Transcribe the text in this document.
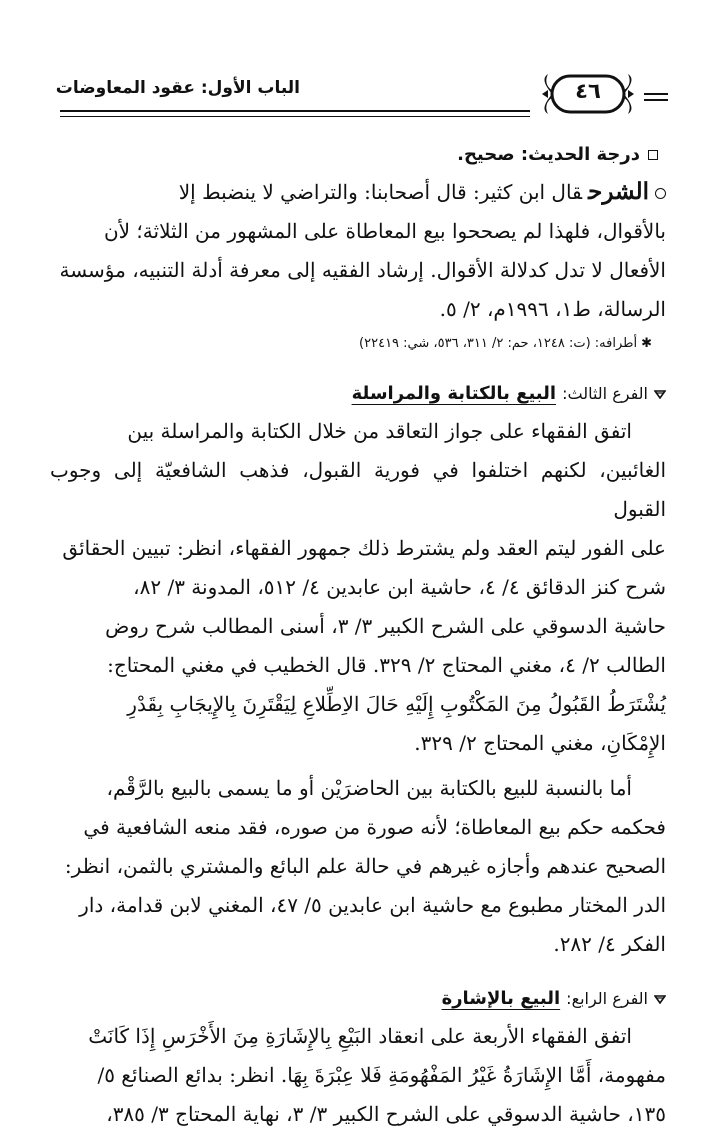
الباب الأول: عقود المعاوضات	٤٦

درجة الحديث: صحيح.

الشرحقال ابن كثير: قال أصحابنا: والتراضي لا ينضبط إلا

بالأقوال، فلهذا لم يصححوا بيع المعاطاة على المشهور من الثلاثة؛ لأن

الأفعال لا تدل كدلالة الأقوال. إرشاد الفقيه إلى معرفة أدلة التنبيه، مؤسسة

الرسالة، ط١، ١٩٩٦م، ٢/ ٥.

✱أطرافه: (ت: ١٢٤٨، حم: ٢/ ٣١١، ٥٣٦، شي: ٢٢٤١٩)

الفرع الثالث: البيع بالكتابة والمراسلة

اتفق الفقهاء على جواز التعاقد من خلال الكتابة والمراسلة بين

الغائبين، لكنهم اختلفوا في فورية القبول، فذهب الشافعيّة إلى وجوب القبول

على الفور ليتم العقد ولم يشترط ذلك جمهور الفقهاء، انظر: تبيين الحقائق

شرح كنز الدقائق ٤/ ٤، حاشية ابن عابدين ٤/ ٥١٢، المدونة ٣/ ٨٢،

حاشية الدسوقي على الشرح الكبير ٣/ ٣، أسنى المطالب شرح روض

الطالب ٢/ ٤، مغني المحتاج ٢/ ٣٢٩. قال الخطيب في مغني المحتاج:

يُشْتَرَطُ القَبُولُ مِنَ المَكْتُوبِ إِلَيْهِ حَالَ الاِطِّلاعِ لِيَقْتَرِنَ بِالإِيجَابِ بِقَدْرِ

الإِمْكَانِ، مغني المحتاج ٢/ ٣٢٩.

أما بالنسبة للبيع بالكتابة بين الحاضرَيْن أو ما يسمى بالبيع بالرَّقْم،

فحكمه حكم بيع المعاطاة؛ لأنه صورة من صوره، فقد منعه الشافعية في

الصحيح عندهم وأجازه غيرهم في حالة علم البائع والمشتري بالثمن، انظر:

الدر المختار مطبوع مع حاشية ابن عابدين ٥/ ٤٧، المغني لابن قدامة، دار

الفكر ٤/ ٢٨٢.

الفرع الرابع: البيع بالإشارة

اتفق الفقهاء الأربعة على انعقاد البَيْعِ بِالإِشَارَةِ مِنَ الأَخْرَسِ إِذَا كَانَتْ

مفهومة، أَمَّا الإِشَارَةُ غَيْرُ المَفْهُومَةِ فَلا عِبْرَةَ بِهَا. انظر: بدائع الصنائع ٥/

١٣٥، حاشية الدسوقي على الشرح الكبير ٣/ ٣، نهاية المحتاج ٣/ ٣٨٥،
